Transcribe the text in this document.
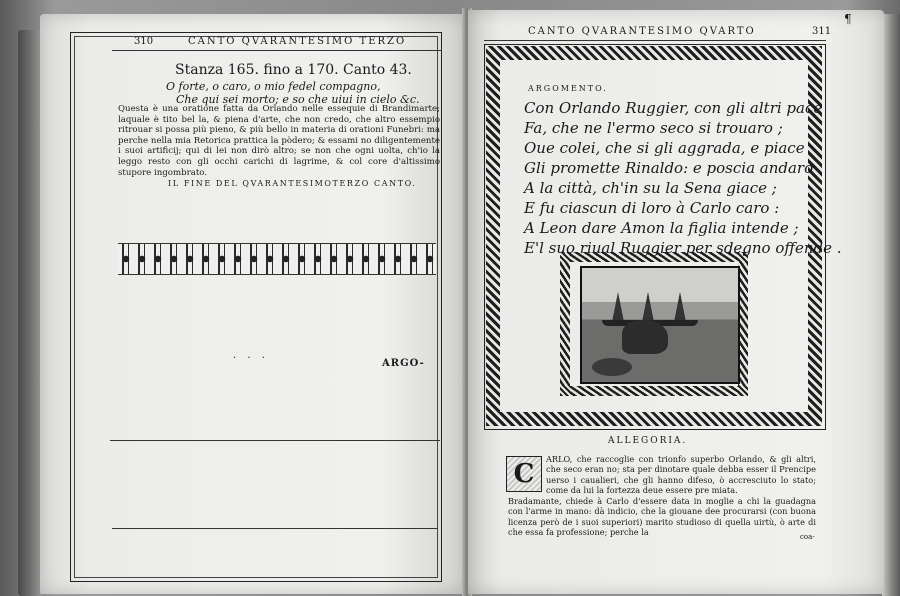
310	CANTO QVARANTESIMO TERZO
Stanza 165. fino a 170. Canto 43.
O forte, o caro, o mio fedel compagno,
Che qui sei morto; e so che uiui in cielo &c.
Questa è una oratione fatta da Orlando nelle essequie di Brandimarte; laquale è tito bel la, & piena d'arte, che non credo, che altro essempio ritrouar si possa più pieno, & più bello in materia di orationi Funebri: ma perche nella mia Retorica prattica la pòdero; & essami no diligentemente i suoi artificij; qui di lei non dirò altro; se non che ogni uolta, ch'io la leggo resto con gli occhi carichi di lagrime, & col core d'altissimo stupore ingombrato.
IL FINE DEL QVARANTESIMOTERZO CANTO.
. . .
ARGO-
CANTO QVARANTESIMO QVARTO	311
¶
ARGOMENTO.
Con Orlando Ruggier, con gli altri pace
Fa, che ne l'ermo seco si trouaro ;
Oue colei, che si gli aggrada, e piace
Gli promette Rinaldo: e poscia andaro
A la città, ch'in su la Sena giace ;
E fu ciascun di loro à Carlo caro :
A Leon dare Amon la figlia intende ;
E'l suo riual Ruggier per sdegno offende .
ALLEGORIA.
C	ARLO, che raccoglie con trionfo superbo Orlando, & gli altri, che seco eran no; sta per dinotare quale debba esser il Prencipe uerso i caualieri, che gli hanno difeso, ò accresciuto lo stato; come da lui la fortezza deue essere pre miata.
Bradamante, chiede à Carlo d'essere data in moglie a chi la guadagna con l'arme in mano: dà indicio, che la giouane dee procurarsi (con buona licenza però de i suoi superiori) marito studioso di quella uirtù, ò arte di che essa fa professione; perche la	coa-
